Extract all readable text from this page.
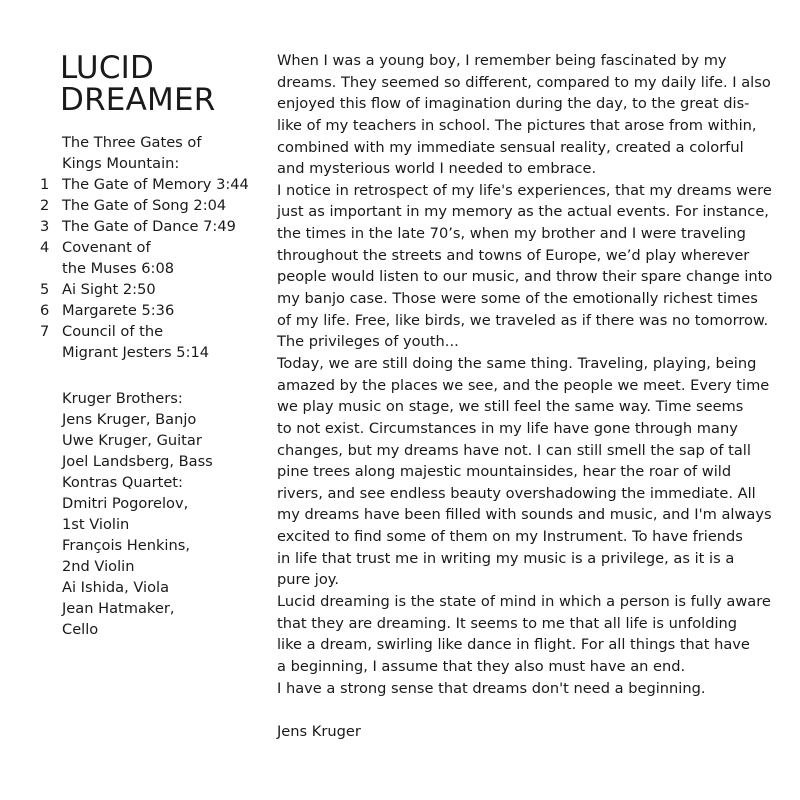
LUCID
DREAMER
The Three Gates of
Kings Mountain:
1 The Gate of Memory 3:44
2 The Gate of Song 2:04
3 The Gate of Dance 7:49
4 Covenant of
the Muses 6:08
5 Ai Sight 2:50
6 Margarete 5:36
7 Council of the
Migrant Jesters 5:14
Kruger Brothers:
Jens Kruger, Banjo
Uwe Kruger, Guitar
Joel Landsberg, Bass
Kontras Quartet:
Dmitri Pogorelov,
1st Violin
François Henkins,
2nd Violin
Ai Ishida, Viola
Jean Hatmaker,
Cello
When I was a young boy, I remember being fascinated by my
dreams. They seemed so different, compared to my daily life. I also
enjoyed this flow of imagination during the day, to the great dis-
like of my teachers in school. The pictures that arose from within,
combined with my immediate sensual reality, created a colorful
and mysterious world I needed to embrace.
I notice in retrospect of my life's experiences, that my dreams were
just as important in my memory as the actual events. For instance,
the times in the late 70’s, when my brother and I were traveling
throughout the streets and towns of Europe, we’d play wherever
people would listen to our music, and throw their spare change into
my banjo case. Those were some of the emotionally richest times
of my life. Free, like birds, we traveled as if there was no tomorrow.
The privileges of youth...
Today, we are still doing the same thing. Traveling, playing, being
amazed by the places we see, and the people we meet. Every time
we play music on stage, we still feel the same way. Time seems
to not exist. Circumstances in my life have gone through many
changes, but my dreams have not. I can still smell the sap of tall
pine trees along majestic mountainsides, hear the roar of wild
rivers, and see endless beauty overshadowing the immediate. All
my dreams have been filled with sounds and music, and I'm always
excited to find some of them on my Instrument. To have friends
in life that trust me in writing my music is a privilege, as it is a
pure joy.
Lucid dreaming is the state of mind in which a person is fully aware
that they are dreaming. It seems to me that all life is unfolding
like a dream, swirling like dance in flight. For all things that have
a beginning, I assume that they also must have an end.
I have a strong sense that dreams don't need a beginning.
Jens Kruger
